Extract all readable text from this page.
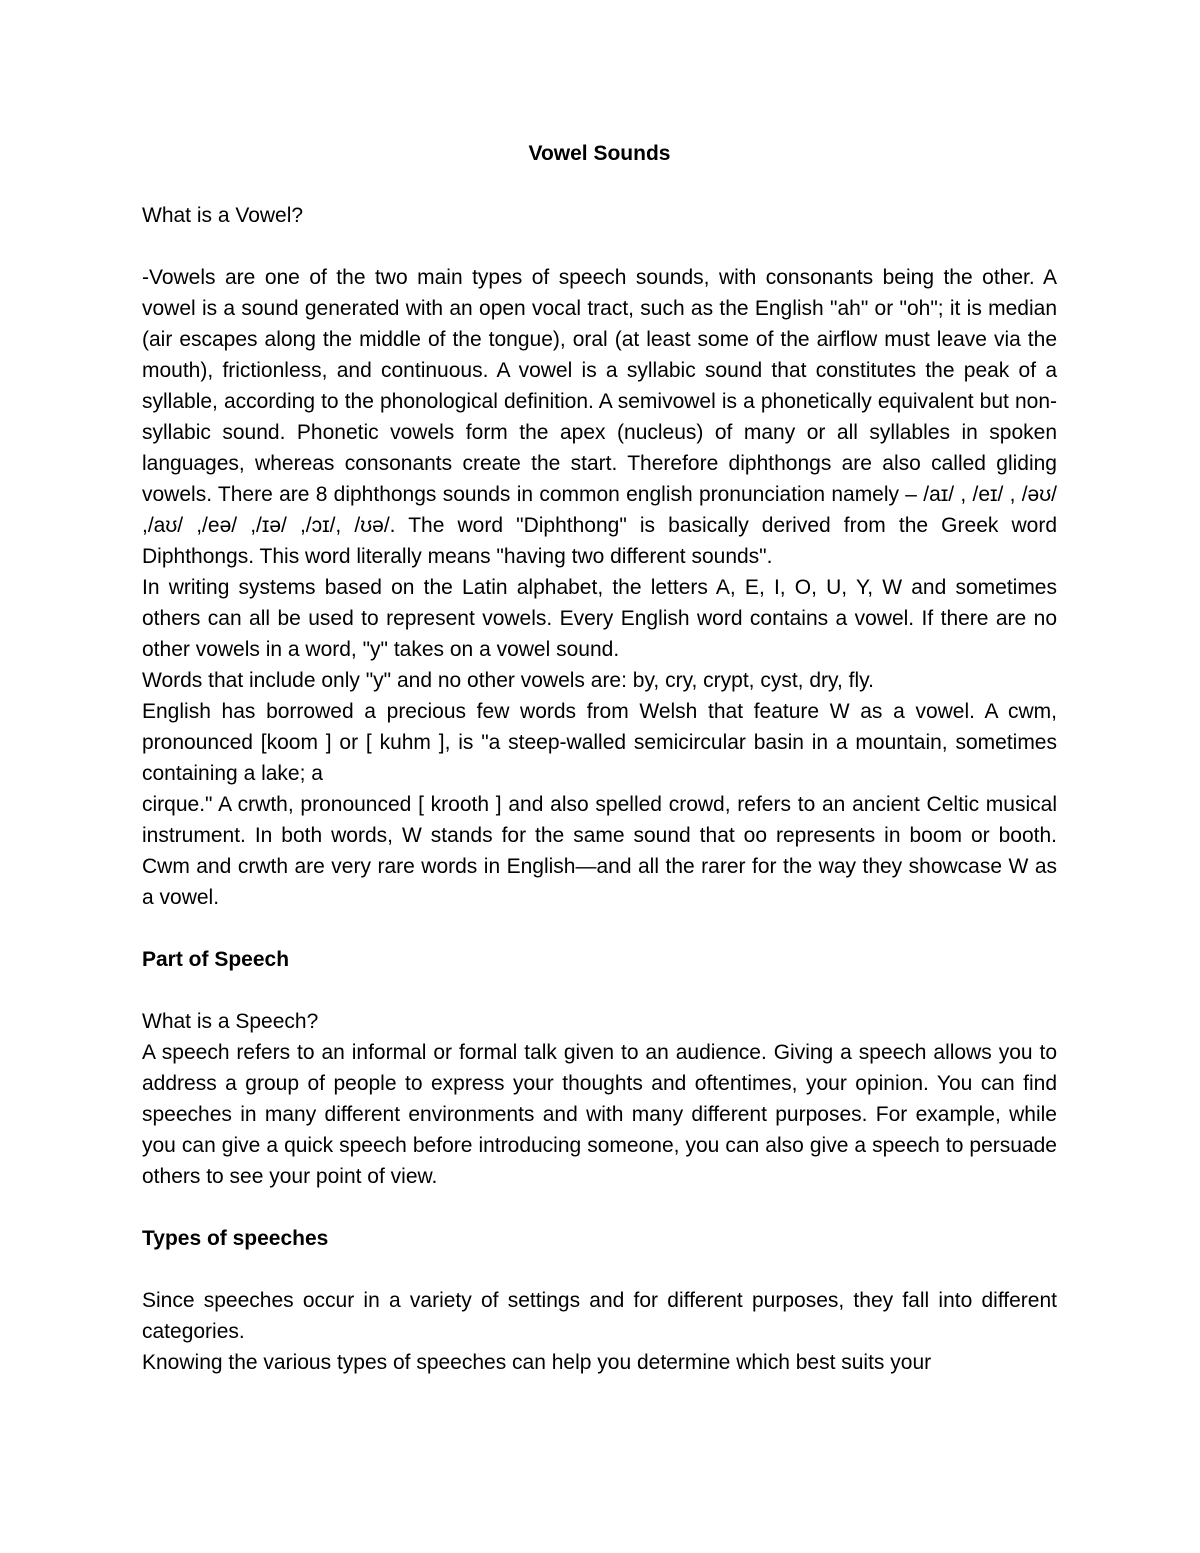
Vowel Sounds

What is a Vowel?

-Vowels are one of the two main types of speech sounds, with consonants being the other. A vowel is a sound generated with an open vocal tract, such as the English "ah" or "oh"; it is median (air escapes along the middle of the tongue), oral (at least some of the airflow must leave via the mouth), frictionless, and continuous. A vowel is a syllabic sound that constitutes the peak of a syllable, according to the phonological definition. A semivowel is a phonetically equivalent but non-syllabic sound. Phonetic vowels form the apex (nucleus) of many or all syllables in spoken languages, whereas consonants create the start. Therefore diphthongs are also called gliding vowels. There are 8 diphthongs sounds in common english pronunciation namely – /aɪ/ , /eɪ/ , /əʊ/ ,/aʊ/ ,/eə/ ,/ɪə/ ,/ɔɪ/, /ʊə/. The word "Diphthong" is basically derived from the Greek word Diphthongs. This word literally means "having two different sounds".

In writing systems based on the Latin alphabet, the letters A, E, I, O, U, Y, W and sometimes others can all be used to represent vowels. Every English word contains a vowel. If there are no other vowels in a word, "y" takes on a vowel sound.

Words that include only "y" and no other vowels are: by, cry, crypt, cyst, dry, fly.

English has borrowed a precious few words from Welsh that feature W as a vowel. A cwm, pronounced [koom ] or [ kuhm ], is "a steep-walled semicircular basin in a mountain, sometimes containing a lake; a

cirque." A crwth, pronounced [ krooth ] and also spelled crowd, refers to an ancient Celtic musical instrument. In both words, W stands for the same sound that oo represents in boom or booth. Cwm and crwth are very rare words in English—and all the rarer for the way they showcase W as a vowel.

Part of Speech

What is a Speech?

A speech refers to an informal or formal talk given to an audience. Giving a speech allows you to address a group of people to express your thoughts and oftentimes, your opinion. You can find speeches in many different environments and with many different purposes. For example, while you can give a quick speech before introducing someone, you can also give a speech to persuade others to see your point of view.

Types of speeches

Since speeches occur in a variety of settings and for different purposes, they fall into different categories.

Knowing the various types of speeches can help you determine which best suits your
